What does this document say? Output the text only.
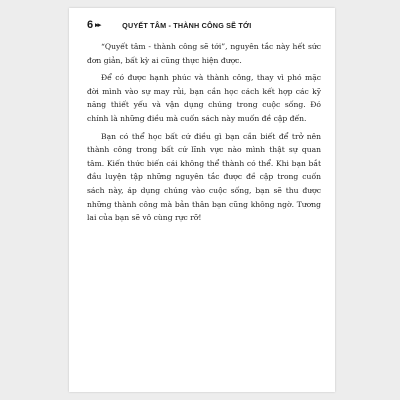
6 ▸▸	QUYẾT TÂM - THÀNH CÔNG SẼ TỚI

“Quyết tâm - thành công sẽ tới”, nguyên tắc này hết sức đơn giản, bất kỳ ai cũng thực hiện được.

Để có được hạnh phúc và thành công, thay vì phó mặc đời mình vào sự may rủi, bạn cần học cách kết hợp các kỹ năng thiết yếu và vận dụng chúng trong cuộc sống. Đó chính là những điều mà cuốn sách này muốn đề cập đến.

Bạn có thể học bất cứ điều gì bạn cần biết để trở nên thành công trong bất cứ lĩnh vực nào mình thật sự quan tâm. Kiến thức biến cái không thể thành có thể. Khi bạn bắt đầu luyện tập những nguyên tắc được đề cập trong cuốn sách này, áp dụng chúng vào cuộc sống, bạn sẽ thu được những thành công mà bản thân bạn cũng không ngờ. Tương lai của bạn sẽ vô cùng rực rỡ!
